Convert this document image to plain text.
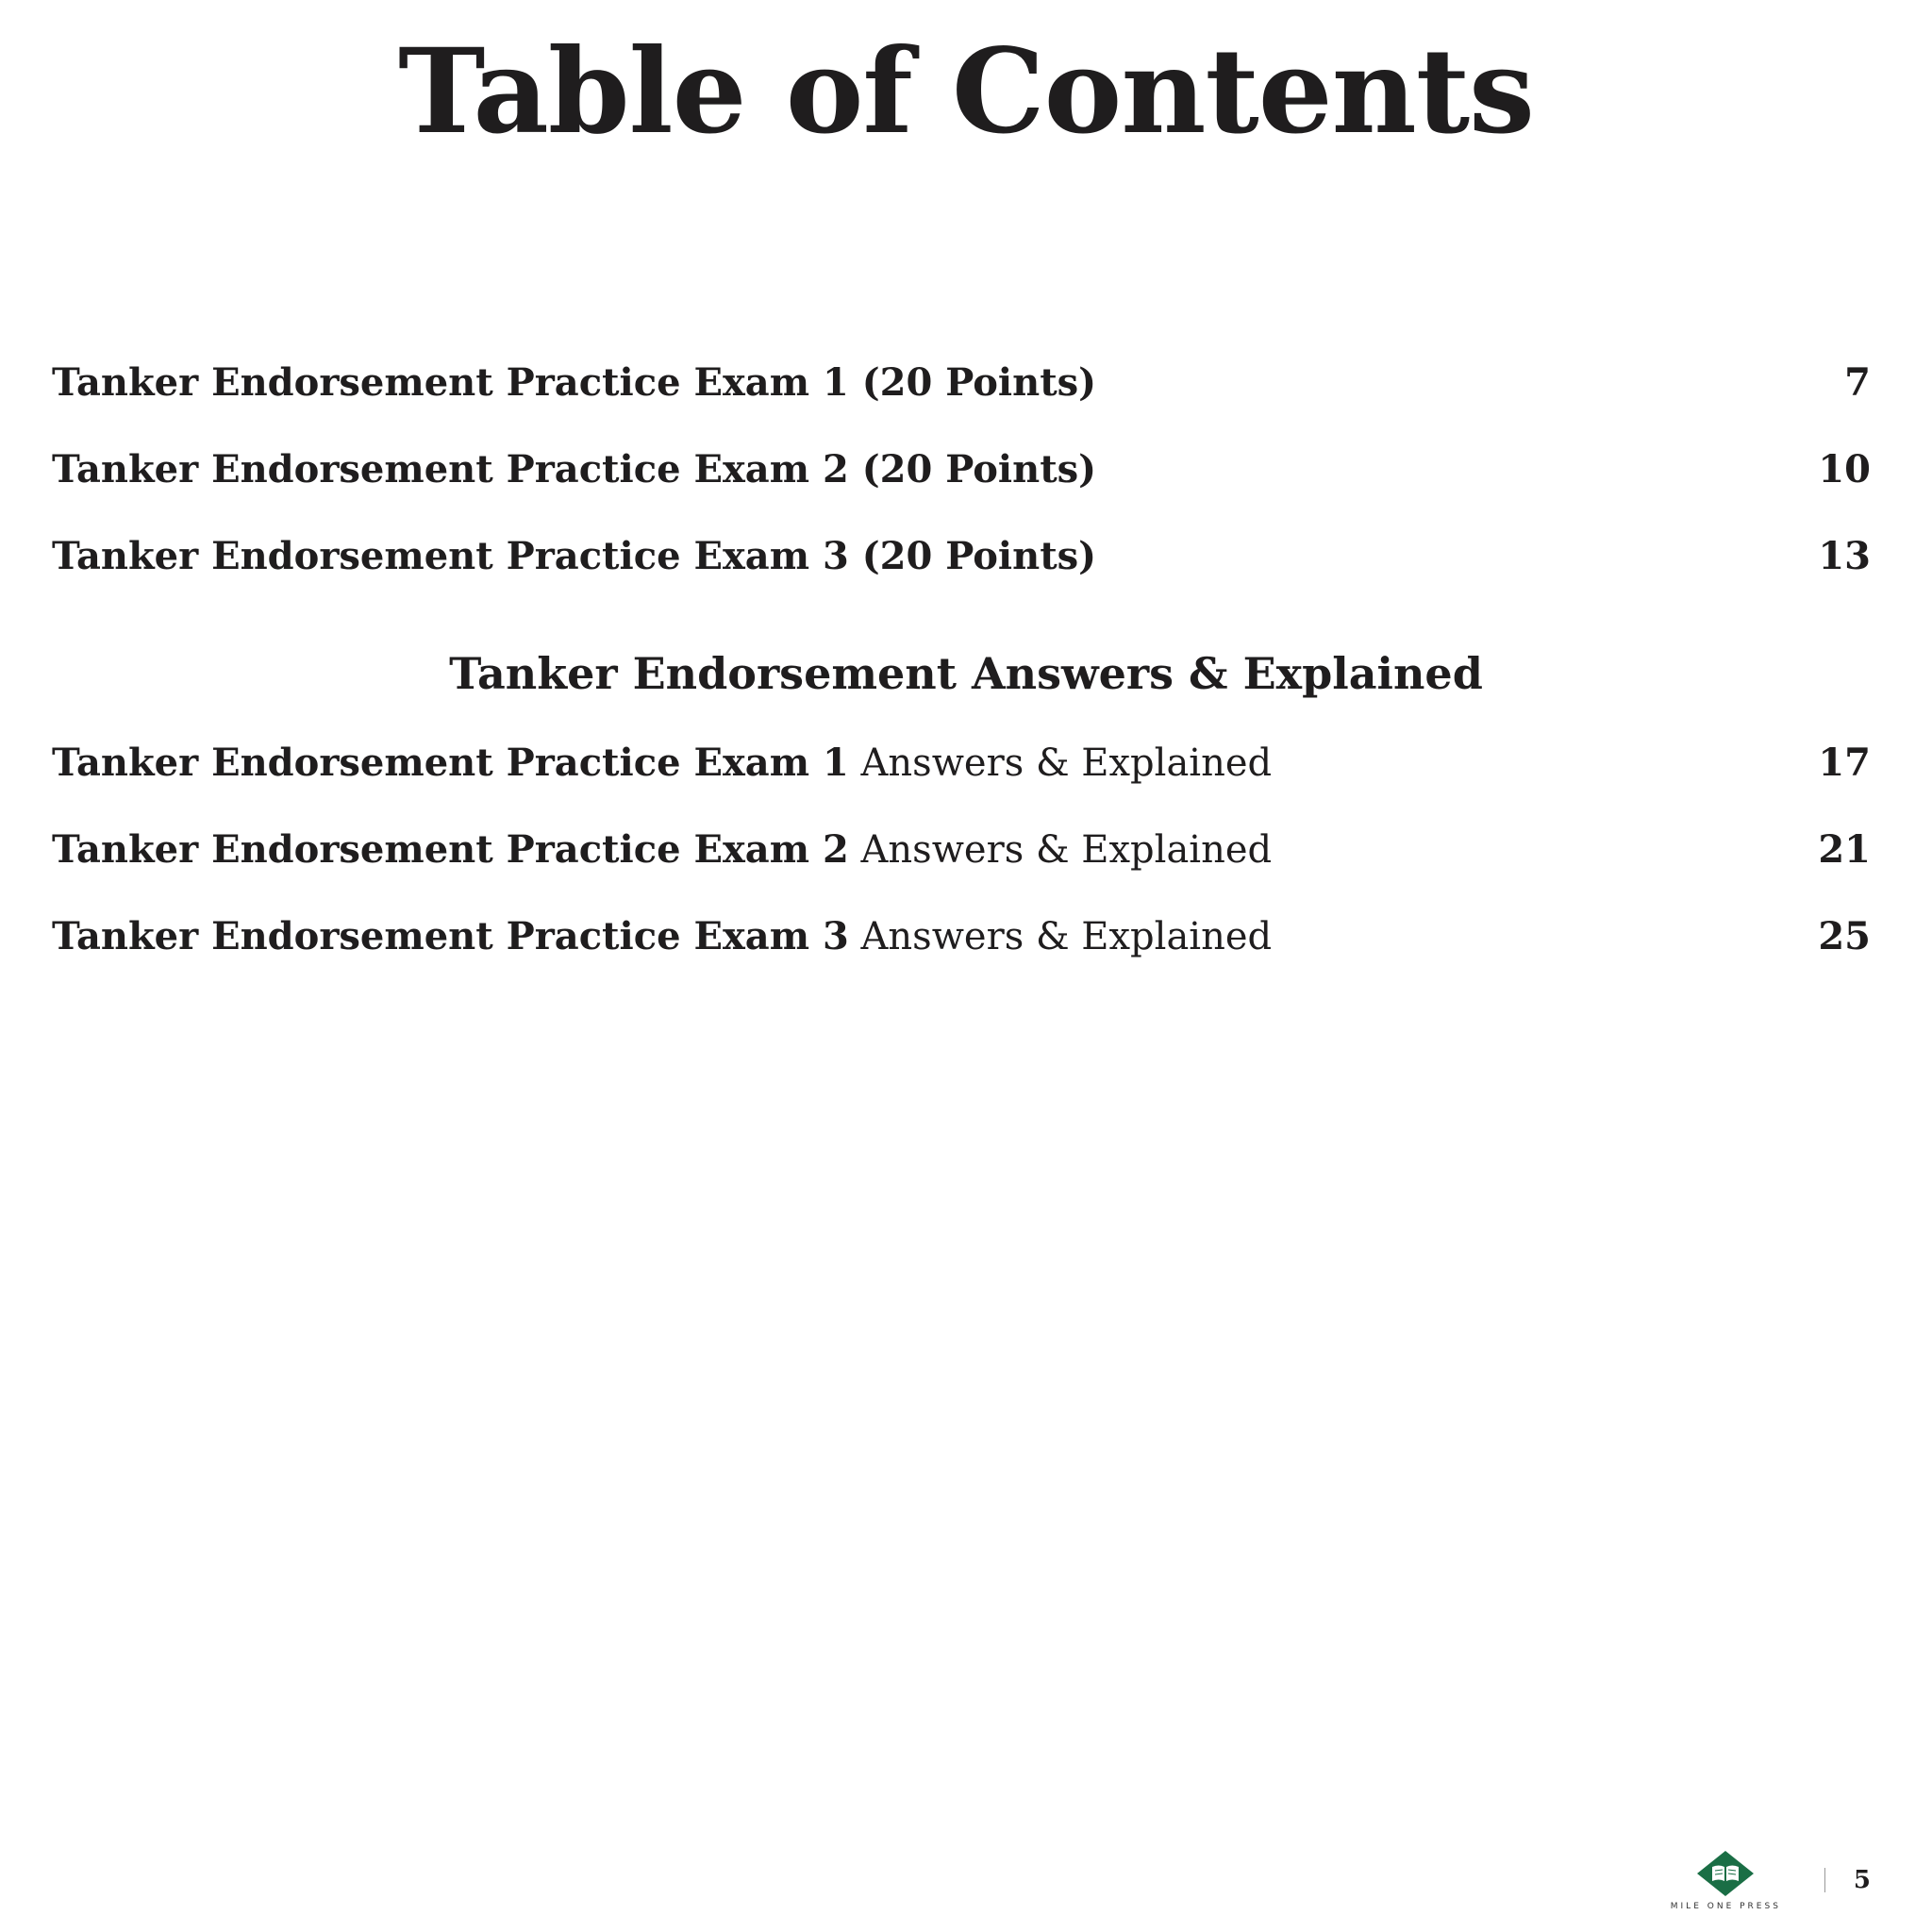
Table of Contents
Tanker Endorsement Practice Exam 1 (20 Points)	7
Tanker Endorsement Practice Exam 2 (20 Points)	10
Tanker Endorsement Practice Exam 3 (20 Points)	13
Tanker Endorsement Answers & Explained
Tanker Endorsement Practice Exam 1 Answers & Explained	17
Tanker Endorsement Practice Exam 2 Answers & Explained	21
Tanker Endorsement Practice Exam 3 Answers & Explained	25
MILE ONE PRESS
5
